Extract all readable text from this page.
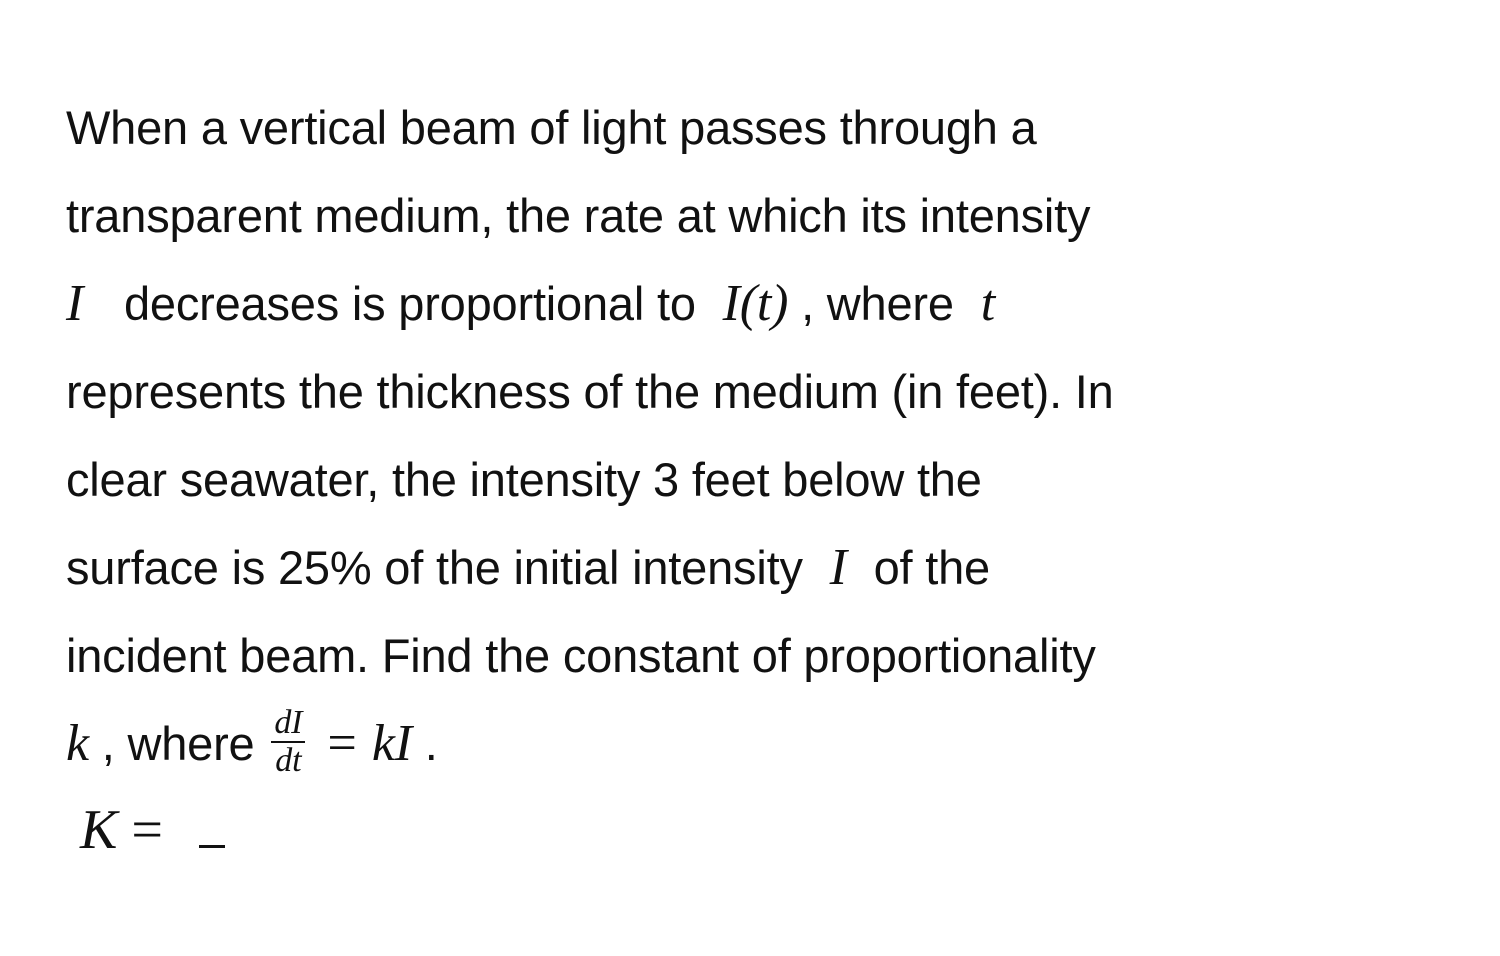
When a vertical beam of light passes through a
transparent medium, the rate at which its intensity
I decreases is proportional to I(t) , where t
represents the thickness of the medium (in feet). In
clear seawater, the intensity 3 feet below the
surface is 25% of the initial intensity I of the
incident beam. Find the constant of proportionality
k , where $\frac{dI}{dt}$ = kI .
K =
